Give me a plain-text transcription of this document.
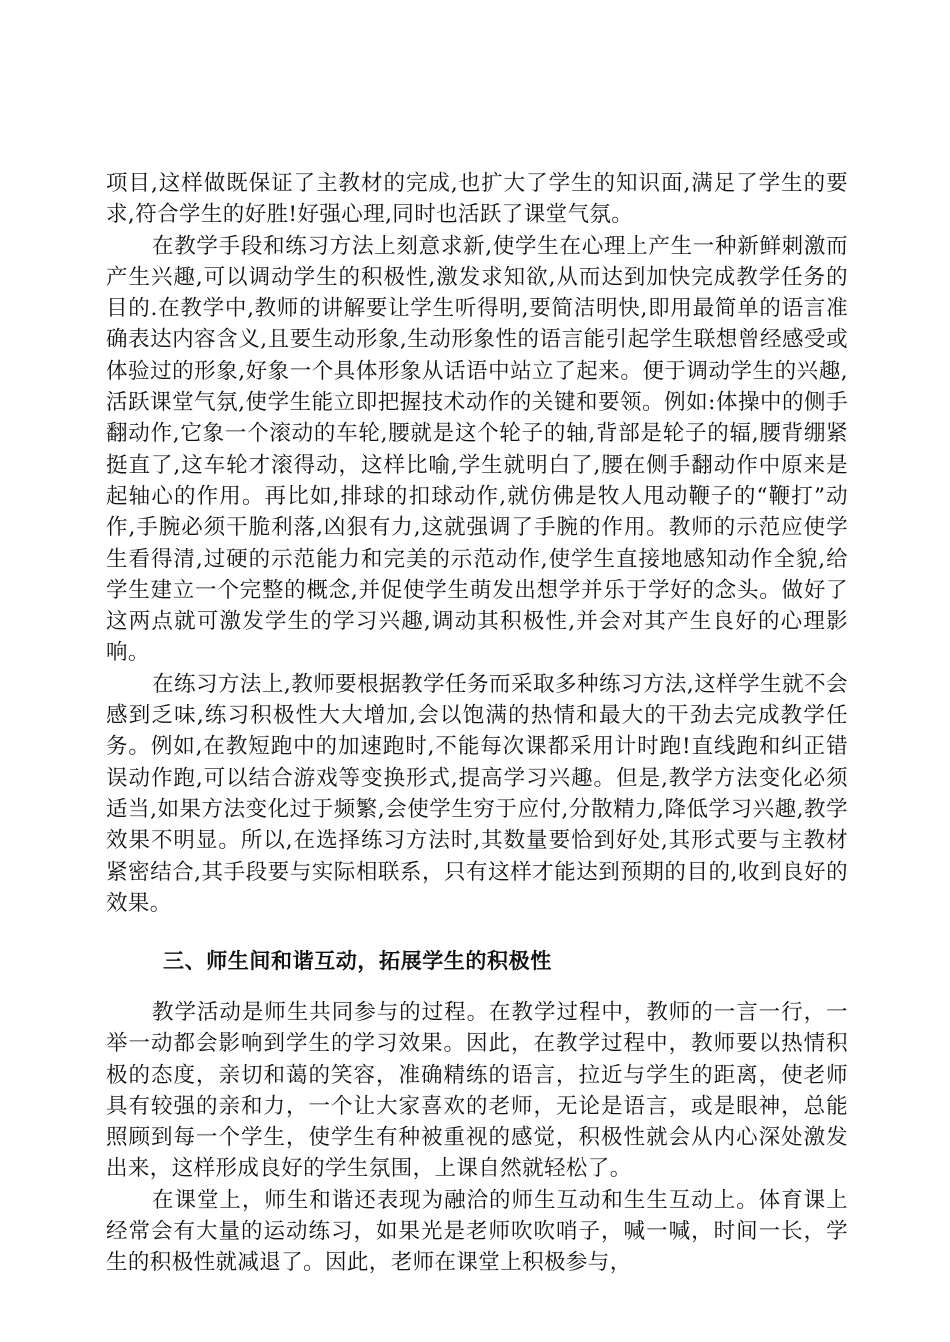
项目,这样做既保证了主教材的完成,也扩大了学生的知识面,满足了学生的要求,符合学生的好胜!好强心理,同时也活跃了课堂气氛。

在教学手段和练习方法上刻意求新,使学生在心理上产生一种新鲜刺激而产生兴趣,可以调动学生的积极性,激发求知欲,从而达到加快完成教学任务的目的.在教学中,教师的讲解要让学生听得明,要简洁明快,即用最简单的语言准确表达内容含义,且要生动形象,生动形象性的语言能引起学生联想曾经感受或体验过的形象,好象一个具体形象从话语中站立了起来。便于调动学生的兴趣,活跃课堂气氛,使学生能立即把握技术动作的关键和要领。例如:体操中的侧手翻动作,它象一个滚动的车轮,腰就是这个轮子的轴,背部是轮子的辐,腰背绷紧挺直了,这车轮才滚得动，这样比喻,学生就明白了,腰在侧手翻动作中原来是起轴心的作用。再比如,排球的扣球动作,就仿佛是牧人甩动鞭子的“鞭打”动作,手腕必须干脆利落,凶狠有力,这就强调了手腕的作用。教师的示范应使学生看得清,过硬的示范能力和完美的示范动作,使学生直接地感知动作全貌,给学生建立一个完整的概念,并促使学生萌发出想学并乐于学好的念头。做好了这两点就可激发学生的学习兴趣,调动其积极性,并会对其产生良好的心理影响。

在练习方法上,教师要根据教学任务而采取多种练习方法,这样学生就不会感到乏味,练习积极性大大增加,会以饱满的热情和最大的干劲去完成教学任务。例如,在教短跑中的加速跑时,不能每次课都采用计时跑!直线跑和纠正错误动作跑,可以结合游戏等变换形式,提高学习兴趣。但是,教学方法变化必须适当,如果方法变化过于频繁,会使学生穷于应付,分散精力,降低学习兴趣,教学效果不明显。所以,在选择练习方法时,其数量要恰到好处,其形式要与主教材紧密结合,其手段要与实际相联系，只有这样才能达到预期的目的,收到良好的效果。

三、师生间和谐互动，拓展学生的积极性

教学活动是师生共同参与的过程。在教学过程中，教师的一言一行，一举一动都会影响到学生的学习效果。因此，在教学过程中，教师要以热情积极的态度，亲切和蔼的笑容，准确精练的语言，拉近与学生的距离，使老师具有较强的亲和力，一个让大家喜欢的老师，无论是语言，或是眼神，总能照顾到每一个学生，使学生有种被重视的感觉，积极性就会从内心深处激发出来，这样形成良好的学生氛围，上课自然就轻松了。

在课堂上，师生和谐还表现为融洽的师生互动和生生互动上。体育课上经常会有大量的运动练习，如果光是老师吹吹哨子，喊一喊，时间一长，学生的积极性就减退了。因此，老师在课堂上积极参与，
